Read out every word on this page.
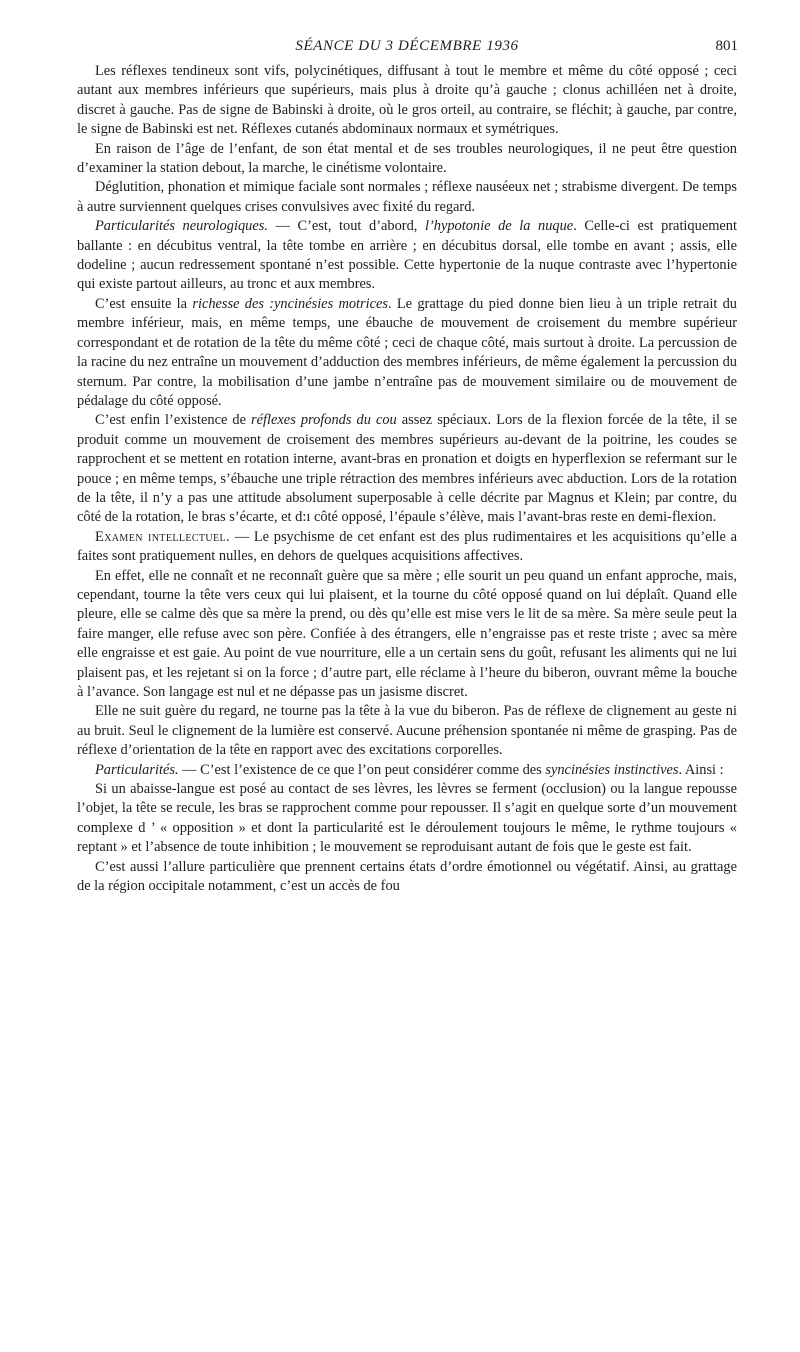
SÉANCE DU 3 DÉCEMBRE 1936	801

Les réflexes tendineux sont vifs, polycinétiques, diffusant à tout le membre et même du côté opposé ; ceci autant aux membres inférieurs que supérieurs, mais plus à droite qu’à gauche ; clonus achilléen net à droite, discret à gauche. Pas de signe de Babinski à droite, où le gros orteil, au contraire, se fléchit; à gauche, par contre, le signe de Babinski est net. Réflexes cutanés abdominaux normaux et symétriques.

En raison de l’âge de l’enfant, de son état mental et de ses troubles neurologiques, il ne peut être question d’examiner la station debout, la marche, le cinétisme volontaire.

Déglutition, phonation et mimique faciale sont normales ; réflexe nauséeux net ; strabisme divergent. De temps à autre surviennent quelques crises convulsives avec fixité du regard.

Particularités neurologiques. — C’est, tout d’abord, l’hypotonie de la nuque. Celle-ci est pratiquement ballante : en décubitus ventral, la tête tombe en arrière ; en décubitus dorsal, elle tombe en avant ; assis, elle dodeline ; aucun redressement spontané n’est possible. Cette hypertonie de la nuque contraste avec l’hypertonie qui existe partout ailleurs, au tronc et aux membres.

C’est ensuite la richesse des :yncinésies motrices. Le grattage du pied donne bien lieu à un triple retrait du membre inférieur, mais, en même temps, une ébauche de mouvement de croisement du membre supérieur correspondant et de rotation de la tête du même côté ; ceci de chaque côté, mais surtout à droite. La percussion de la racine du nez entraîne un mouvement d’adduction des membres inférieurs, de même également la percussion du sternum. Par contre, la mobilisation d’une jambe n’entraîne pas de mouvement similaire ou de mouvement de pédalage du côté opposé.

C’est enfin l’existence de réflexes profonds du cou assez spéciaux. Lors de la flexion forcée de la tête, il se produit comme un mouvement de croisement des membres supérieurs au-devant de la poitrine, les coudes se rapprochent et se mettent en rotation interne, avant-bras en pronation et doigts en hyperflexion se refermant sur le pouce ; en même temps, s’ébauche une triple rétraction des membres inférieurs avec abduction. Lors de la rotation de la tête, il n’y a pas une attitude absolument superposable à celle décrite par Magnus et Klein; par contre, du côté de la rotation, le bras s’écarte, et d:ı côté opposé, l’épaule s’élève, mais l’avant-bras reste en demi-flexion.

Examen intellectuel. — Le psychisme de cet enfant est des plus rudimentaires et les acquisitions qu’elle a faites sont pratiquement nulles, en dehors de quelques acquisitions affectives.

En effet, elle ne connaît et ne reconnaît guère que sa mère ; elle sourit un peu quand un enfant approche, mais, cependant, tourne la tête vers ceux qui lui plaisent, et la tourne du côté opposé quand on lui déplaît. Quand elle pleure, elle se calme dès que sa mère la prend, ou dès qu’elle est mise vers le lit de sa mère. Sa mère seule peut la faire manger, elle refuse avec son père. Confiée à des étrangers, elle n’engraisse pas et reste triste ; avec sa mère elle engraisse et est gaie. Au point de vue nourriture, elle a un certain sens du goût, refusant les aliments qui ne lui plaisent pas, et les rejetant si on la force ; d’autre part, elle réclame à l’heure du biberon, ouvrant même la bouche à l’avance. Son langage est nul et ne dépasse pas un jasisme discret.

Elle ne suit guère du regard, ne tourne pas la tête à la vue du biberon. Pas de réflexe de clignement au geste ni au bruit. Seul le clignement de la lumière est conservé. Aucune préhension spontanée ni même de grasping. Pas de réflexe d’orientation de la tête en rapport avec des excitations corporelles.

Particularités. — C’est l’existence de ce que l’on peut considérer comme des syncinésies instinctives. Ainsi :

Si un abaisse-langue est posé au contact de ses lèvres, les lèvres se ferment (occlusion) ou la langue repousse l’objet, la tête se recule, les bras se rapprochent comme pour repousser. Il s’agit en quelque sorte d’un mouvement complexe d ’ « opposition » et dont la particularité est le déroulement toujours le même, le rythme toujours « reptant » et l’absence de toute inhibition ; le mouvement se reproduisant autant de fois que le geste est fait.

C’est aussi l’allure particulière que prennent certains états d’ordre émotionnel ou végétatif. Ainsi, au grattage de la région occipitale notamment, c’est un accès de fou
